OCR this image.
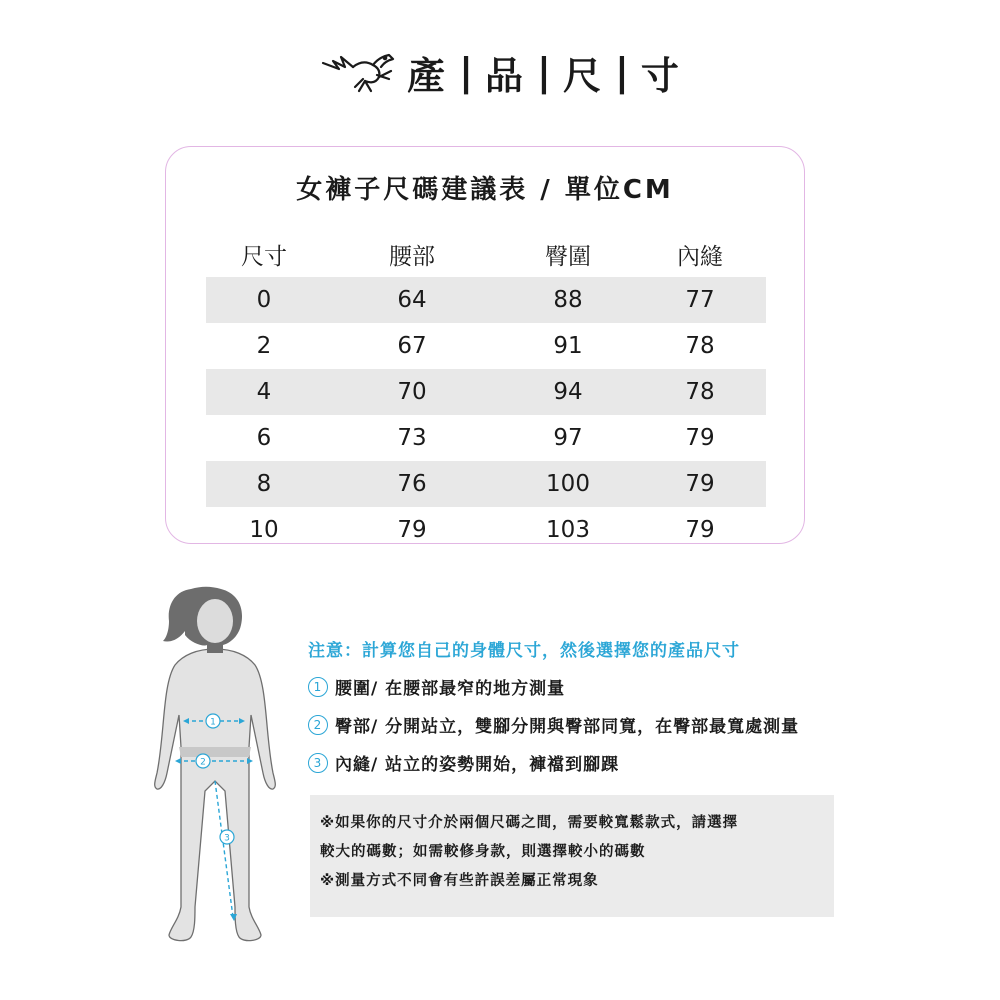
產 | 品 | 尺 | 寸
女褲子尺碼建議表 / 單位CM
尺寸	腰部	臀圍	內縫
0	64	88	77
2	67	91	78
4	70	94	78
6	73	97	79
8	76	100	79
10	79	103	79
1
2
3
注意：計算您自己的身體尺寸，然後選擇您的產品尺寸
1 腰圍/ 在腰部最窄的地方測量
2 臀部/ 分開站立，雙腳分開與臀部同寬，在臀部最寬處測量
3 內縫/ 站立的姿勢開始，褲襠到腳踝
※如果你的尺寸介於兩個尺碼之間，需要較寬鬆款式，請選擇
較大的碼數；如需較修身款，則選擇較小的碼數
※測量方式不同會有些許誤差屬正常現象
